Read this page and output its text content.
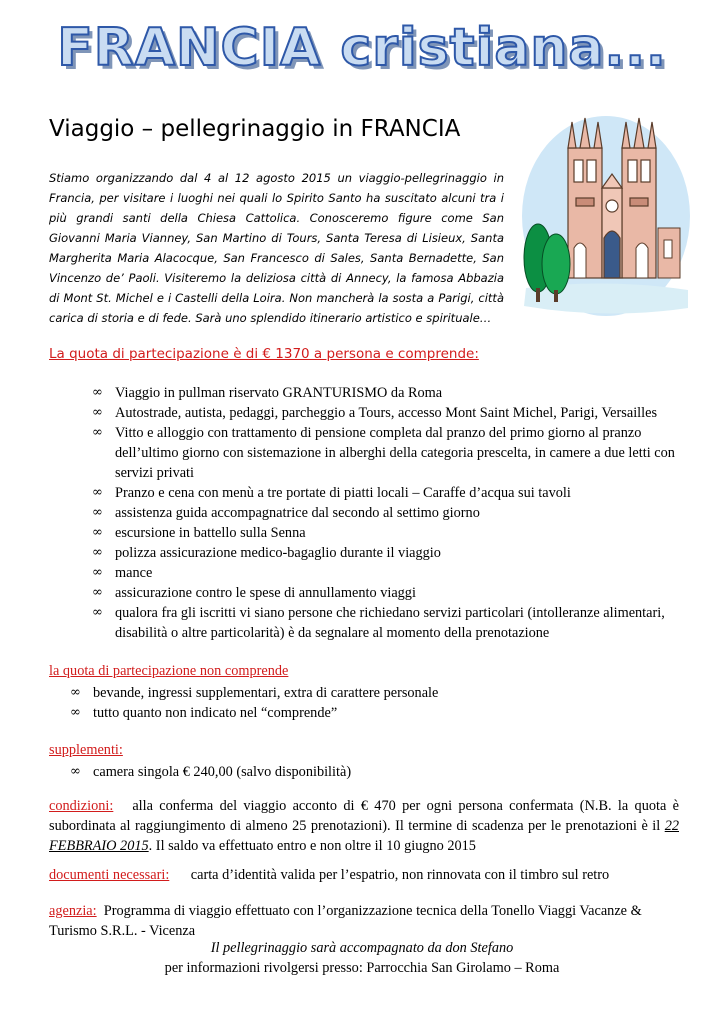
FRANCIA cristiana...
Viaggio – pellegrinaggio in FRANCIA
Stiamo organizzando dal 4 al 12 agosto 2015 un viaggio-pellegrinaggio in Francia, per visitare i luoghi nei quali lo Spirito Santo ha suscitato alcuni tra i più grandi santi della Chiesa Cattolica. Conosceremo figure come San Giovanni Maria Vianney, San Martino di Tours, Santa Teresa di Lisieux, Santa Margherita Maria Alacocque, San Francesco di Sales, Santa Bernadette, San Vincenzo de’ Paoli. Visiteremo la deliziosa città di Annecy, la famosa Abbazia di Mont St. Michel e i Castelli della Loira. Non mancherà la sosta a Parigi, città carica di storia e di fede. Sarà uno splendido itinerario artistico e spirituale…
La quota di partecipazione è di € 1370 a persona e comprende:
∞ Viaggio in pullman riservato GRANTURISMO da Roma
∞ Autostrade, autista, pedaggi, parcheggio a Tours, accesso Mont Saint Michel, Parigi, Versailles
∞ Vitto e alloggio con trattamento di pensione completa dal pranzo del primo giorno al pranzo dell’ultimo giorno con sistemazione in alberghi della categoria prescelta, in camere a due letti con servizi privati
∞ Pranzo e cena con menù a tre portate di piatti locali – Caraffe d’acqua sui tavoli
∞ assistenza guida accompagnatrice dal secondo al settimo giorno
∞ escursione in battello sulla Senna
∞ polizza assicurazione medico-bagaglio durante il viaggio
∞ mance
∞ assicurazione contro le spese di annullamento viaggi
∞ qualora fra gli iscritti vi siano persone che richiedano servizi particolari (intolleranze alimentari, disabilità o altre particolarità) è da segnalare al momento della prenotazione
la quota di partecipazione non comprende
∞ bevande, ingressi supplementari, extra di carattere personale
∞ tutto quanto non indicato nel “comprende”
supplementi:
∞ camera singola € 240,00 (salvo disponibilità)
condizioni: alla conferma del viaggio acconto di € 470 per ogni persona confermata (N.B. la quota è subordinata al raggiungimento di almeno 25 prenotazioni). Il termine di scadenza per le prenotazioni è il 22 FEBBRAIO 2015. Il saldo va effettuato entro e non oltre il 10 giugno 2015
documenti necessari: carta d’identità valida per l’espatrio, non rinnovata con il timbro sul retro
agenzia: Programma di viaggio effettuato con l’organizzazione tecnica della Tonello Viaggi Vacanze & Turismo S.R.L. - Vicenza
Il pellegrinaggio sarà accompagnato da don Stefano
per informazioni rivolgersi presso: Parrocchia San Girolamo – Roma
